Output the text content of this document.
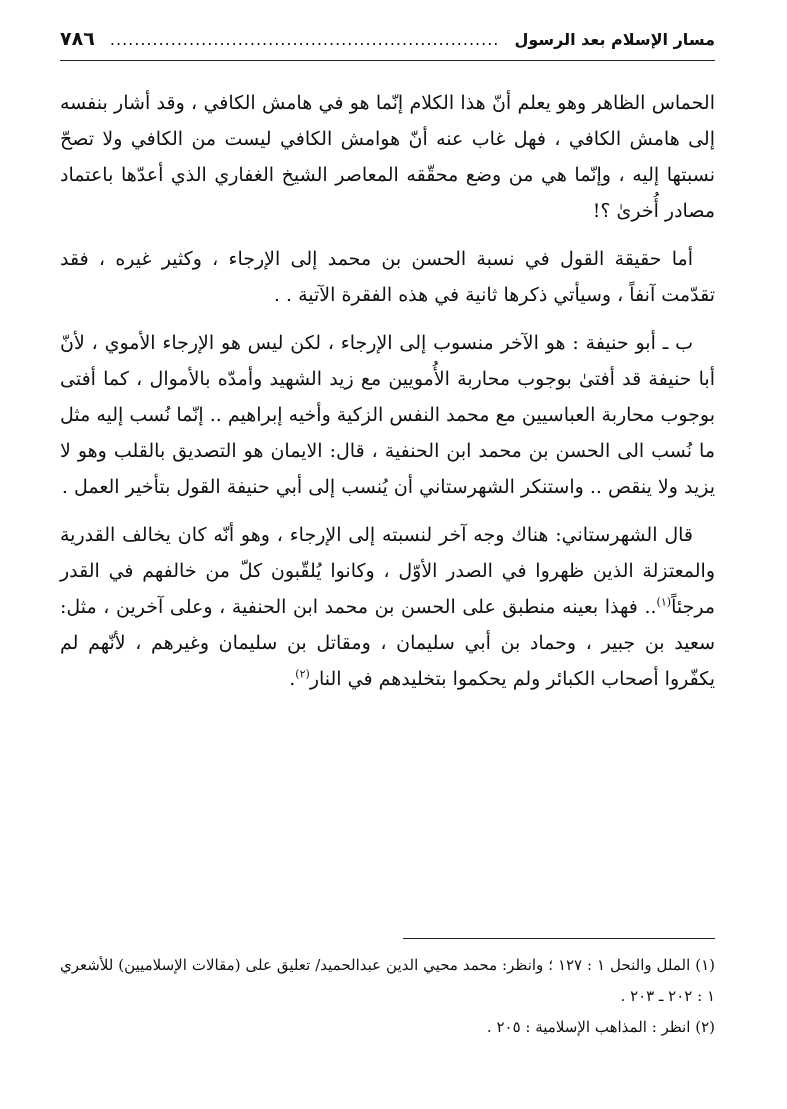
مسار الإسلام بعد الرسول
................................................................
٧٨٦

الحماس الظاهر وهو يعلم أنّ هذا الكلام إنّما هو في هامش الكافي ، وقد أشار بنفسه إلى هامش الكافي ، فهل غاب عنه أنّ هوامش الكافي ليست من الكافي ولا تصحّ نسبتها إليه ، وإنّما هي من وضع محقّقه المعاصر الشيخ الغفاري الذي أعدّها باعتماد مصادر أُخرىٰ ؟!

أما حقيقة القول في نسبة الحسن بن محمد إلى الإرجاء ، وكثير غيره ، فقد تقدّمت آنفاً ، وسيأتي ذكرها ثانية في هذه الفقرة الآتية . .

ب ـ أبو حنيفة : هو الآخر منسوب إلى الإرجاء ، لكن ليس هو الإرجاء الأموي ، لأنّ أبا حنيفة قد أفتىٰ بوجوب محاربة الأُمويين مع زيد الشهيد وأمدّه بالأموال ، كما أفتى بوجوب محاربة العباسيين مع محمد النفس الزكية وأخيه إبراهيم .. إنّما نُسب إليه مثل ما نُسب الى الحسن بن محمد ابن الحنفية ، قال: الايمان هو التصديق بالقلب وهو لا يزيد ولا ينقص .. واستنكر الشهرستاني أن يُنسب إلى أبي حنيفة القول بتأخير العمل .

قال الشهرستاني: هناك وجه آخر لنسبته إلى الإرجاء ، وهو أنّه كان يخالف القدرية والمعتزلة الذين ظهروا في الصدر الأوّل ، وكانوا يُلقّبون كلّ من خالفهم في القدر مرجئاً$^{(١)}$.. فهذا بعينه منطبق على الحسن بن محمد ابن الحنفية ، وعلى آخرين ، مثل: سعيد بن جبير ، وحماد بن أبي سليمان ، ومقاتل بن سليمان وغيرهم ، لأنّهم لم يكفّروا أصحاب الكبائر ولم يحكموا بتخليدهم في النار$^{(٢)}$.

(١) الملل والنحل ١ : ١٢٧ ؛ وانظر: محمد محيي الدين عبدالحميد/ تعليق على (مقالات الإسلاميين) للأشعري ١ : ٢٠٢ ـ ٢٠٣ .

(٢) انظر : المذاهب الإسلامية : ٢٠٥ .
